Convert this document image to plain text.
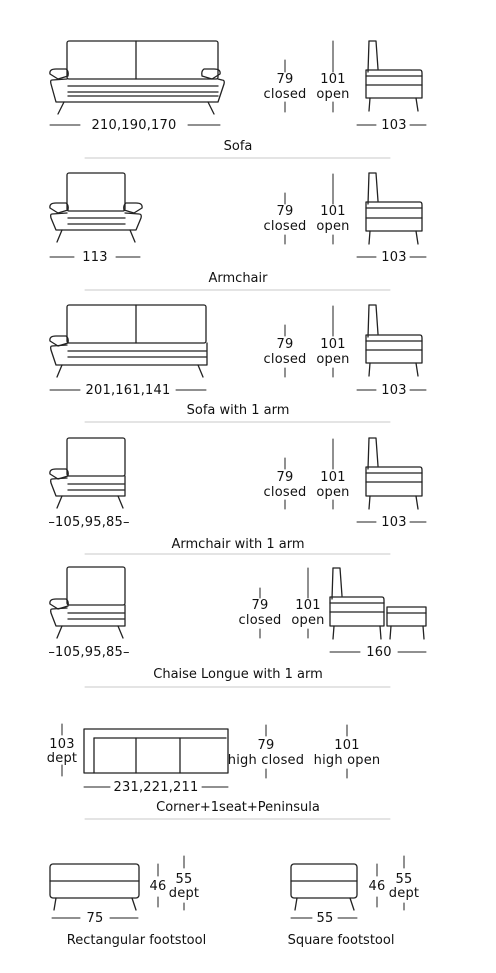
210,190,170
79
closed
101
open
103
Sofa
113
79
closed
101
open
103
Armchair
201,161,141
79
closed
101
open
103
Sofa with 1 arm
–105,95,85–
79
closed
101
open
103
Armchair with 1 arm
–105,95,85–
79
closed
101
open
160
Chaise Longue with 1 arm
103
dept
231,221,211
79
high closed
101
high open
Corner+1seat+Peninsula
75
46 55
dept
Rectangular footstool
55
46 55
dept
Square footstool
